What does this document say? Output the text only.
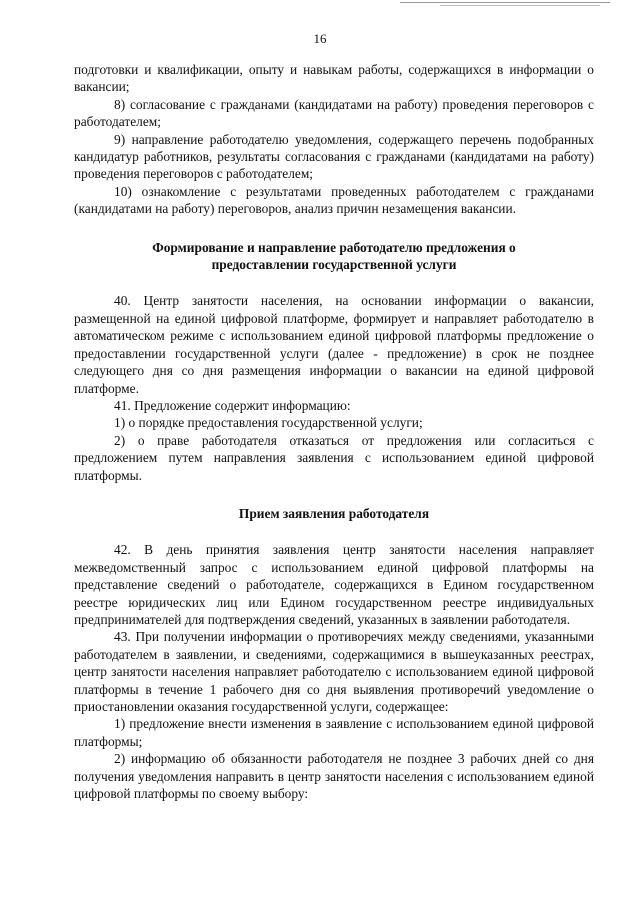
16

подготовки и квалификации, опыту и навыкам работы, содержащихся в информации о вакансии;

8) согласование с гражданами (кандидатами на работу) проведения переговоров с работодателем;

9) направление работодателю уведомления, содержащего перечень подобранных кандидатур работников, результаты согласования с гражданами (кандидатами на работу) проведения переговоров с работодателем;

10) ознакомление с результатами проведенных работодателем с гражданами (кандидатами на работу) переговоров, анализ причин незамещения вакансии.

Формирование и направление работодателю предложения о предоставлении государственной услуги

40. Центр занятости населения, на основании информации о вакансии, размещенной на единой цифровой платформе, формирует и направляет работодателю в автоматическом режиме с использованием единой цифровой платформы предложение о предоставлении государственной услуги (далее - предложение) в срок не позднее следующего дня со дня размещения информации о вакансии на единой цифровой платформе.

41. Предложение содержит информацию:

1) о порядке предоставления государственной услуги;

2) о праве работодателя отказаться от предложения или согласиться с предложением путем направления заявления с использованием единой цифровой платформы.

Прием заявления работодателя

42. В день принятия заявления центр занятости населения направляет межведомственный запрос с использованием единой цифровой платформы на представление сведений о работодателе, содержащихся в Едином государственном реестре юридических лиц или Едином государственном реестре индивидуальных предпринимателей для подтверждения сведений, указанных в заявлении работодателя.

43. При получении информации о противоречиях между сведениями, указанными работодателем в заявлении, и сведениями, содержащимися в вышеуказанных реестрах, центр занятости населения направляет работодателю с использованием единой цифровой платформы в течение 1 рабочего дня со дня выявления противоречий уведомление о приостановлении оказания государственной услуги, содержащее:

1) предложение внести изменения в заявление с использованием единой цифровой платформы;

2) информацию об обязанности работодателя не позднее 3 рабочих дней со дня получения уведомления направить в центр занятости населения с использованием единой цифровой платформы по своему выбору:
